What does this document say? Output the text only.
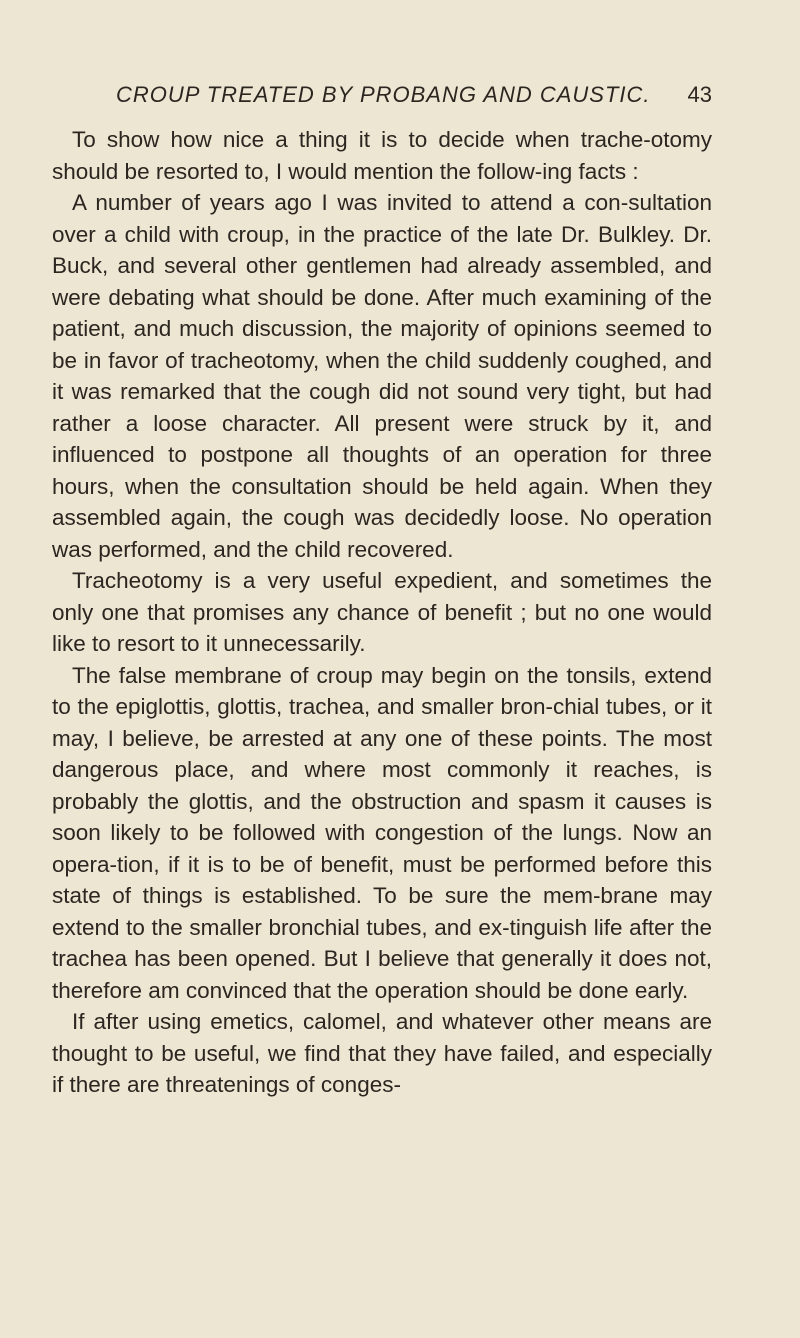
CROUP TREATED BY PROBANG AND CAUSTIC. 43

To show how nice a thing it is to decide when trache-otomy should be resorted to, I would mention the follow-ing facts :

A number of years ago I was invited to attend a con-sultation over a child with croup, in the practice of the late Dr. Bulkley. Dr. Buck, and several other gentlemen had already assembled, and were debating what should be done. After much examining of the patient, and much discussion, the majority of opinions seemed to be in favor of tracheotomy, when the child suddenly coughed, and it was remarked that the cough did not sound very tight, but had rather a loose character. All present were struck by it, and influenced to postpone all thoughts of an operation for three hours, when the consultation should be held again. When they assembled again, the cough was decidedly loose. No operation was performed, and the child recovered.

Tracheotomy is a very useful expedient, and sometimes the only one that promises any chance of benefit ; but no one would like to resort to it unnecessarily.

The false membrane of croup may begin on the tonsils, extend to the epiglottis, glottis, trachea, and smaller bron-chial tubes, or it may, I believe, be arrested at any one of these points. The most dangerous place, and where most commonly it reaches, is probably the glottis, and the obstruction and spasm it causes is soon likely to be followed with congestion of the lungs. Now an opera-tion, if it is to be of benefit, must be performed before this state of things is established. To be sure the mem-brane may extend to the smaller bronchial tubes, and ex-tinguish life after the trachea has been opened. But I believe that generally it does not, therefore am convinced that the operation should be done early.

If after using emetics, calomel, and whatever other means are thought to be useful, we find that they have failed, and especially if there are threatenings of conges-
